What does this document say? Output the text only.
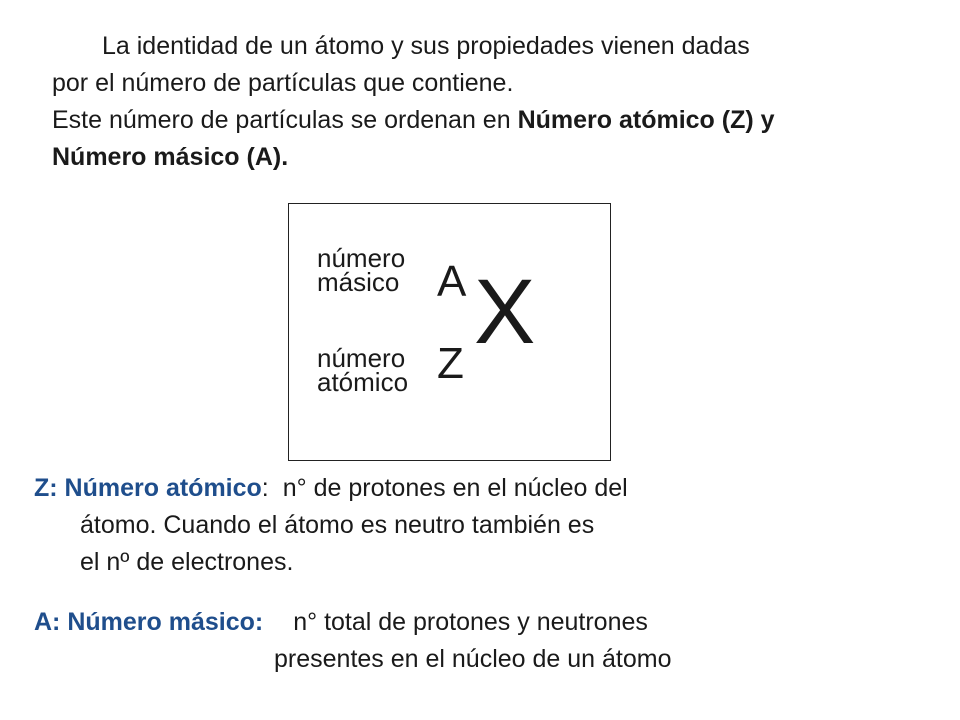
La identidad de un átomo y sus propiedades vienen dadas
por el número de partículas que contiene.
Este número de partículas se ordenan en Número atómico (Z) y
Número másico (A).
número
másico
número
atómico
A
Z
X
Z: Número atómico: n° de protones en el núcleo del
átomo. Cuando el átomo es neutro también es
el nº de electrones.
A: Número másico: n° total de protones y neutrones
presentes en el núcleo de un átomo
